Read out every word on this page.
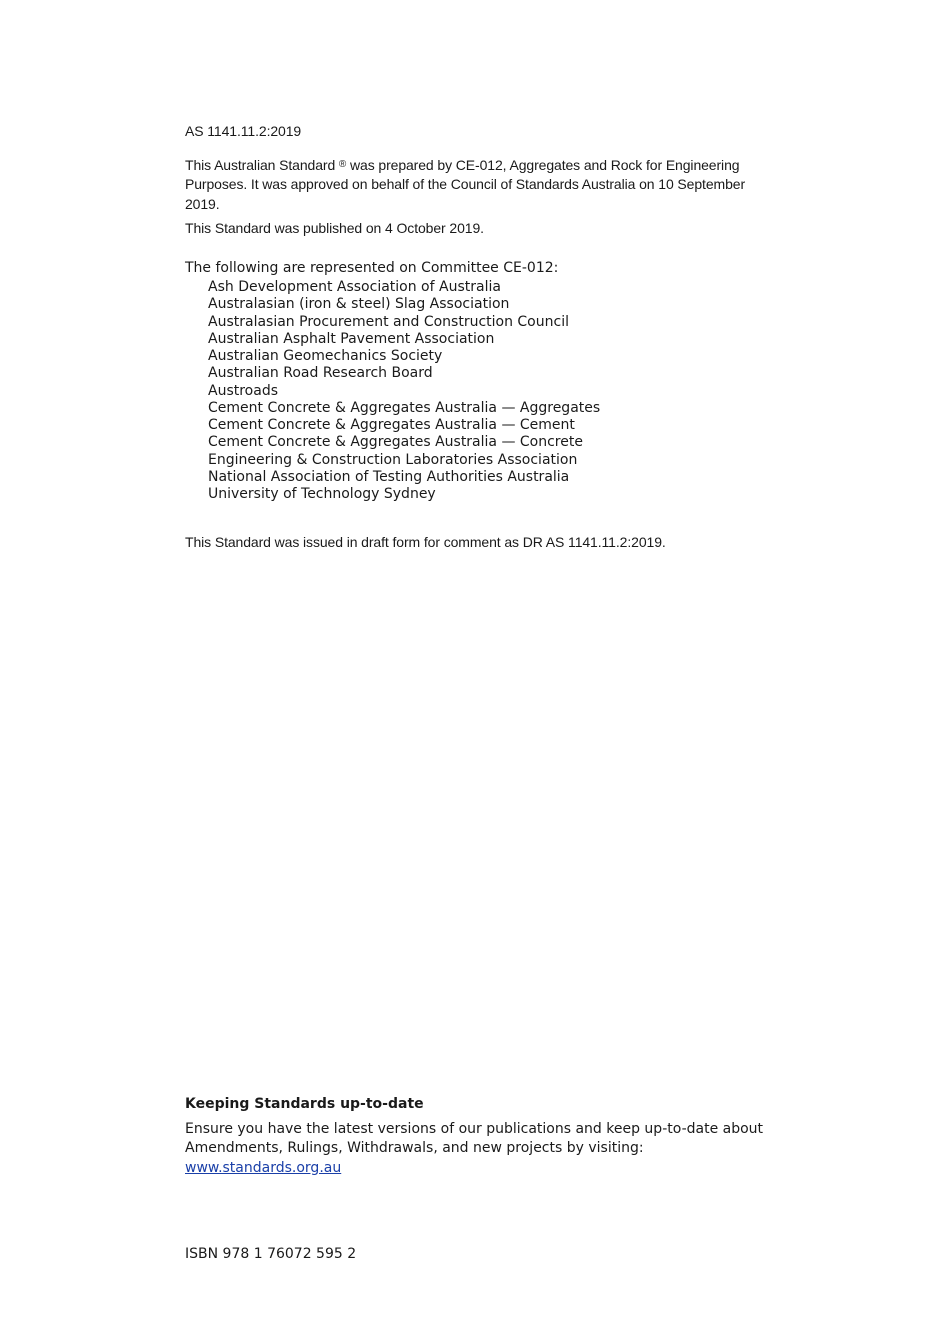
AS 1141.11.2:2019
This Australian Standard ® was prepared by CE-012, Aggregates and Rock for Engineering Purposes. It was approved on behalf of the Council of Standards Australia on 10 September 2019.
This Standard was published on 4 October 2019.
The following are represented on Committee CE-012:
Ash Development Association of Australia
Australasian (iron & steel) Slag Association
Australasian Procurement and Construction Council
Australian Asphalt Pavement Association
Australian Geomechanics Society
Australian Road Research Board
Austroads
Cement Concrete & Aggregates Australia — Aggregates
Cement Concrete & Aggregates Australia — Cement
Cement Concrete & Aggregates Australia — Concrete
Engineering & Construction Laboratories Association
National Association of Testing Authorities Australia
University of Technology Sydney
This Standard was issued in draft form for comment as DR AS 1141.11.2:2019.
Keeping Standards up-to-date
Ensure you have the latest versions of our publications and keep up-to-date about Amendments, Rulings, Withdrawals, and new projects by visiting:
www.standards.org.au
ISBN 978 1 76072 595 2
